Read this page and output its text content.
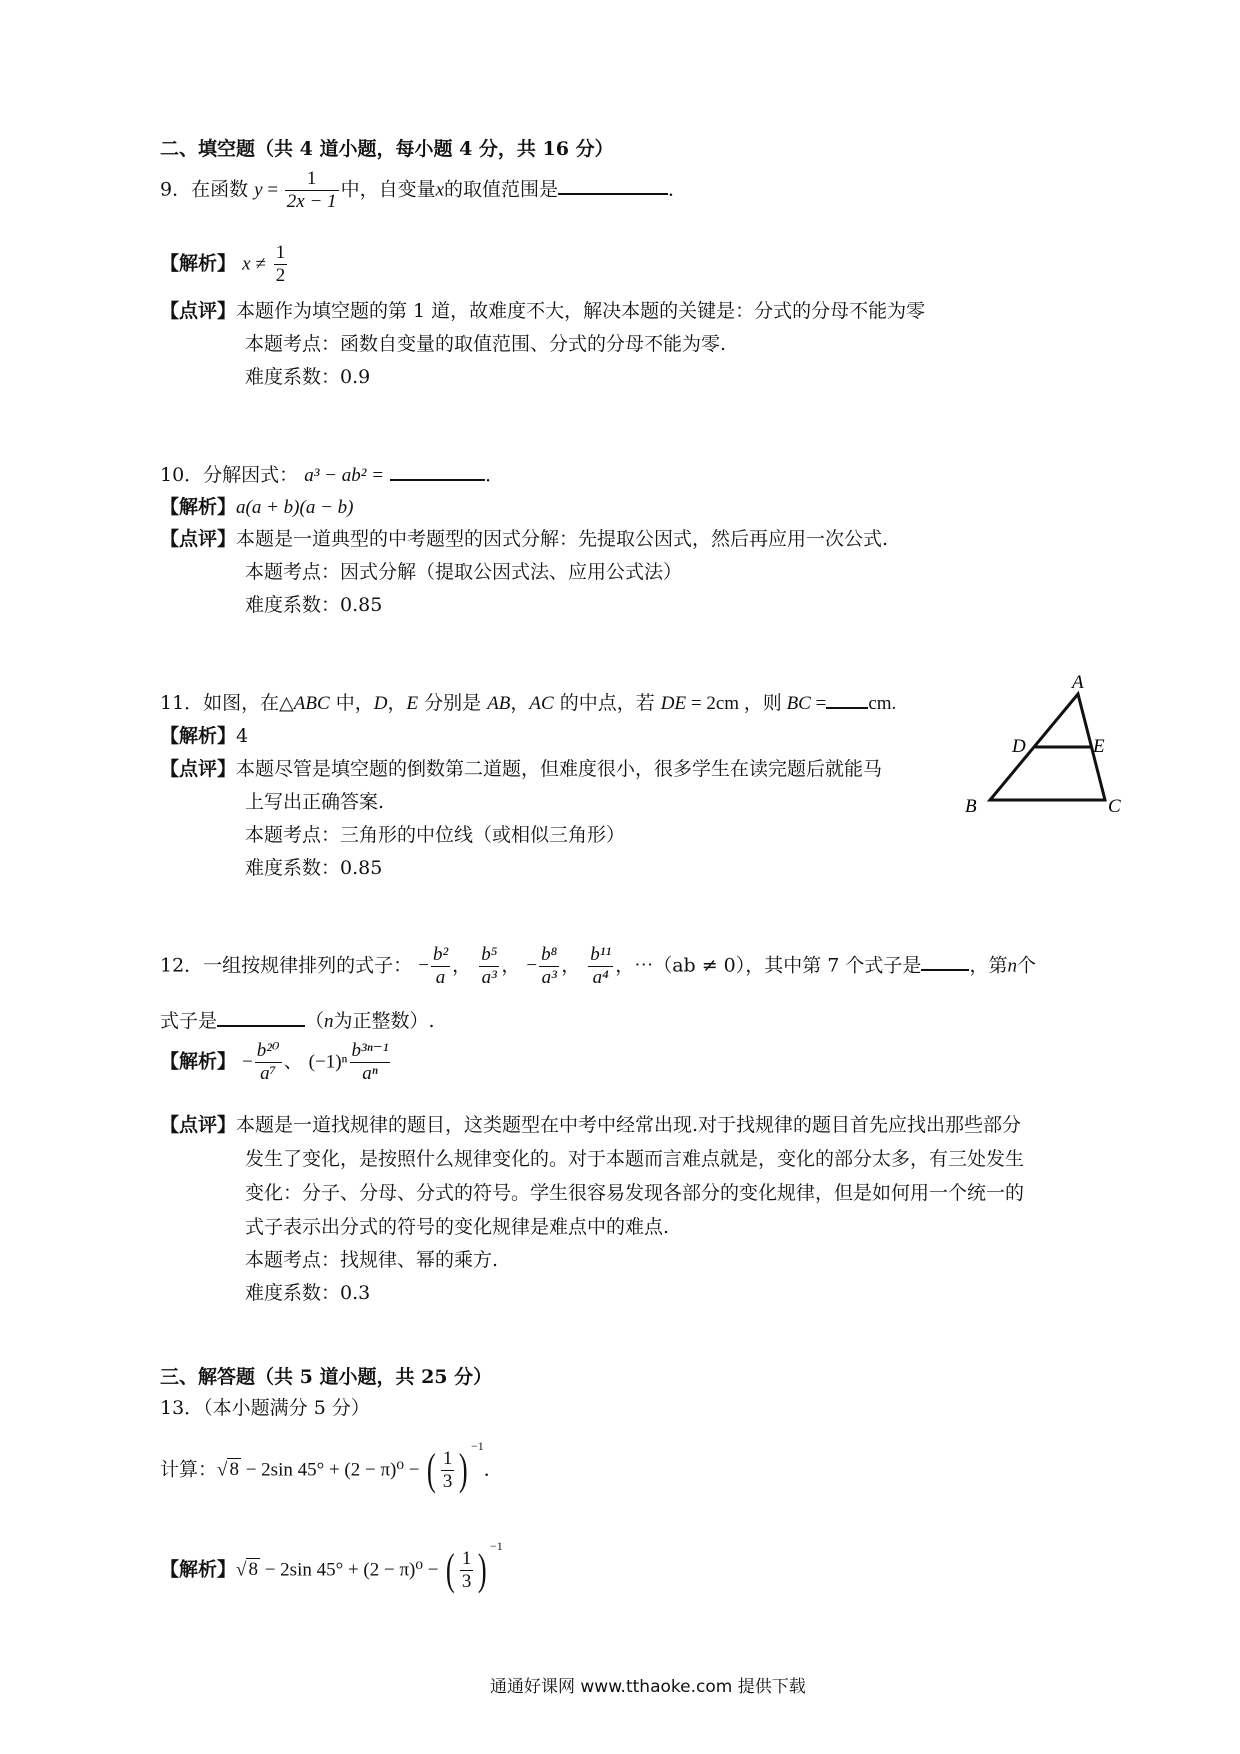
二、填空题（共 4 道小题，每小题 4 分，共 16 分）
9．在函数 $y = \frac{1}{2x - 1}$ 中，自变量x的取值范围是	．
【解析】 $x \ne \frac{1}{2}$
【点评】本题作为填空题的第 1 道，故难度不大，解决本题的关键是：分式的分母不能为零
本题考点：函数自变量的取值范围、分式的分母不能为零.
难度系数：0.9
10．分解因式： a³ − ab² =	．
【解析】a(a + b)(a − b)
【点评】本题是一道典型的中考题型的因式分解：先提取公因式，然后再应用一次公式.
本题考点：因式分解（提取公因式法、应用公式法）
难度系数：0.85
11．如图，在△ABC 中，D，E 分别是 AB，AC 的中点，若 DE = 2cm ，则 BC = cm.
【解析】4
【点评】本题尽管是填空题的倒数第二道题，但难度很小，很多学生在读完题后就能马
上写出正确答案.
本题考点：三角形的中位线（或相似三角形）
难度系数：0.85
A
D	E
B	C
12．一组按规律排列的式子： − $\frac{\text{b²}}{a}$ ， $\frac{\text{b⁵}}{\text{a³}}$ ， − $\frac{\text{b⁸}}{\text{a³}}$ ， $\frac{\text{b¹¹}}{\text{a⁴}}$ ，⋯（ab ≠ 0），其中第 7 个式子是	，第n个
式子是	（n为正整数）.
【解析】 − $\frac{\text{b²⁰}}{\text{a⁷}}$ 、 $(-1)^n \frac{\text{b³ⁿ⁻¹}}{\text{aⁿ}}$
【点评】本题是一道找规律的题目，这类题型在中考中经常出现.对于找规律的题目首先应找出那些部分
发生了变化，是按照什么规律变化的。对于本题而言难点就是，变化的部分太多，有三处发生
变化：分子、分母、分式的符号。学生很容易发现各部分的变化规律，但是如何用一个统一的
式子表示出分式的符号的变化规律是难点中的难点.
本题考点：找规律、幂的乘方.
难度系数：0.3
三、解答题（共 5 道小题，共 25 分）
13．（本小题满分 5 分）
计算：√ 8 − 2sin 45° + (2 − π)⁰ − ( $\frac{1}{3}$ ) $^{-1}$．
【解析】√ 8 − 2sin 45° + (2 − π)⁰ − ( $\frac{1}{3}$ ) $^{-1}$
通通好课网 www.tthaoke.com 提供下载
